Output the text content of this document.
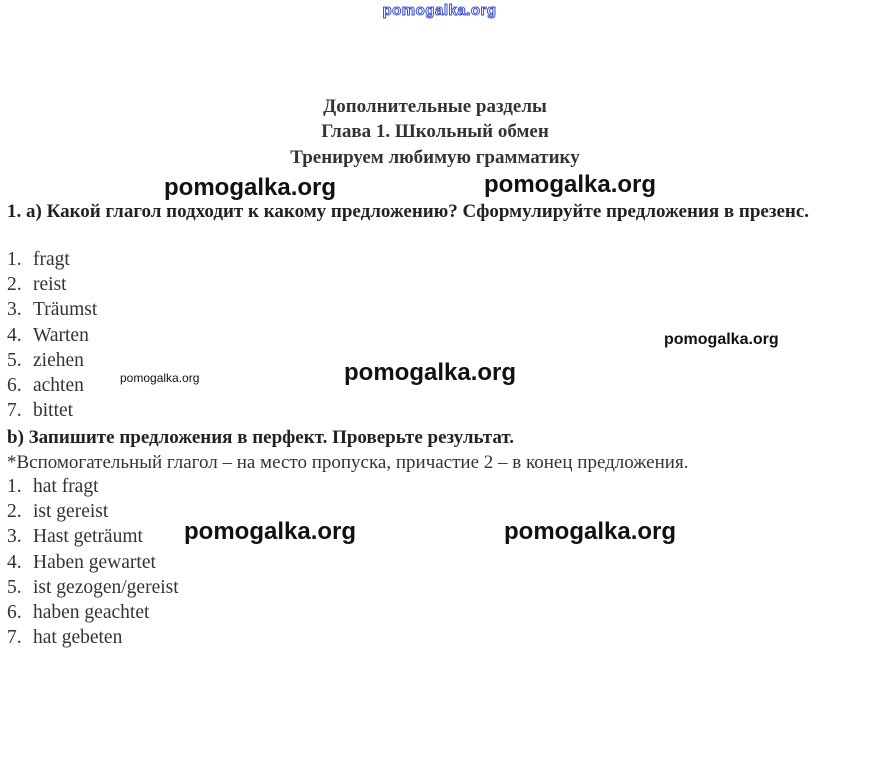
pomogalka.org
Дополнительные разделы
Глава 1. Школьный обмен
Тренируем любимую грамматику
pomogalka.org	pomogalka.org
1. а) Какой глагол подходит к какому предложению? Сформулируйте предложения в презенс.
1. fragt
2. reist
3. Träumst
4. Warten
5. ziehen
6. achten
7. bittet
pomogalka.org
pomogalka.org
pomogalka.org
b) Запишите предложения в перфект. Проверьте результат.
*Вспомогательный глагол – на место пропуска, причастие 2 – в конец предложения.
1. hat fragt
2. ist gereist
3. Hast geträumt
4. Haben gewartet
5. ist gezogen/gereist
6. haben geachtet
7. hat gebeten
pomogalka.org	pomogalka.org
